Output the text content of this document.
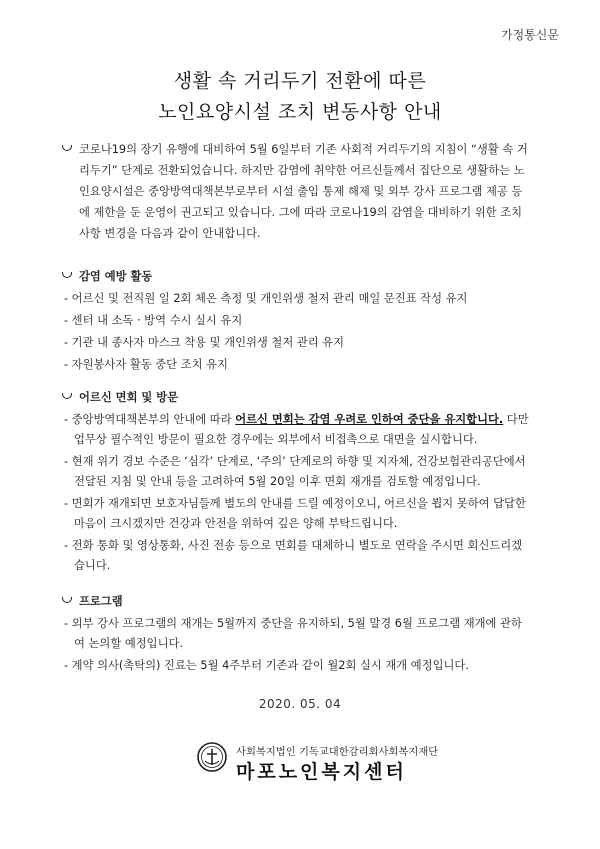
가정통신문
생활 속 거리두기 전환에 따른
노인요양시설 조치 변동사항 안내
코로나19의 장기 유행에 대비하여 5월 6일부터 기존 사회적 거리두기의 지침이 “생활 속 거
리두기” 단계로 전환되었습니다. 하지만 감염에 취약한 어르신들께서 집단으로 생활하는 노
인요양시설은 중앙방역대책본부로부터 시설 출입 통제 해제 및 외부 강사 프로그램 제공 등
에 제한을 둔 운영이 권고되고 있습니다. 그에 따라 코로나19의 감염을 대비하기 위한 조치
사항 변경을 다음과 같이 안내합니다.
감염 예방 활동
- 어르신 및 전직원 일 2회 체온 측정 및 개인위생 철저 관리 매일 문진표 작성 유지
- 센터 내 소독 · 방역 수시 실시 유지
- 기관 내 종사자 마스크 착용 및 개인위생 철저 관리 유지
- 자원봉사자 활동 중단 조치 유지
어르신 면회 및 방문
- 중앙방역대책본부의 안내에 따라 어르신 면회는 감염 우려로 인하여 중단을 유지합니다. 다만
업무상 필수적인 방문이 필요한 경우에는 외부에서 비접촉으로 대면을 실시합니다.
- 현재 위기 경보 수준은 ‘심각’ 단계로, ‘주의’ 단계로의 하향 및 지자체, 건강보험관리공단에서
전달된 지침 및 안내 등을 고려하여 5월 20일 이후 면회 재개를 검토할 예정입니다.
- 면회가 재개되면 보호자님들께 별도의 안내를 드릴 예정이오니, 어르신을 뵙지 못하여 답답한
마음이 크시겠지만 건강과 안전을 위하여 깊은 양해 부탁드립니다.
- 전화 통화 및 영상통화, 사진 전송 등으로 면회를 대체하니 별도로 연락을 주시면 회신드리겠
습니다.
프로그램
- 외부 강사 프로그램의 재개는 5월까지 중단을 유지하되, 5월 말경 6월 프로그램 재개에 관하
여 논의할 예정입니다.
- 계약 의사(촉탁의) 진료는 5월 4주부터 기존과 같이 월2회 실시 재개 예정입니다.
2020. 05. 04
사회복지법인 기독교대한감리회사회복지재단
마포노인복지센터
